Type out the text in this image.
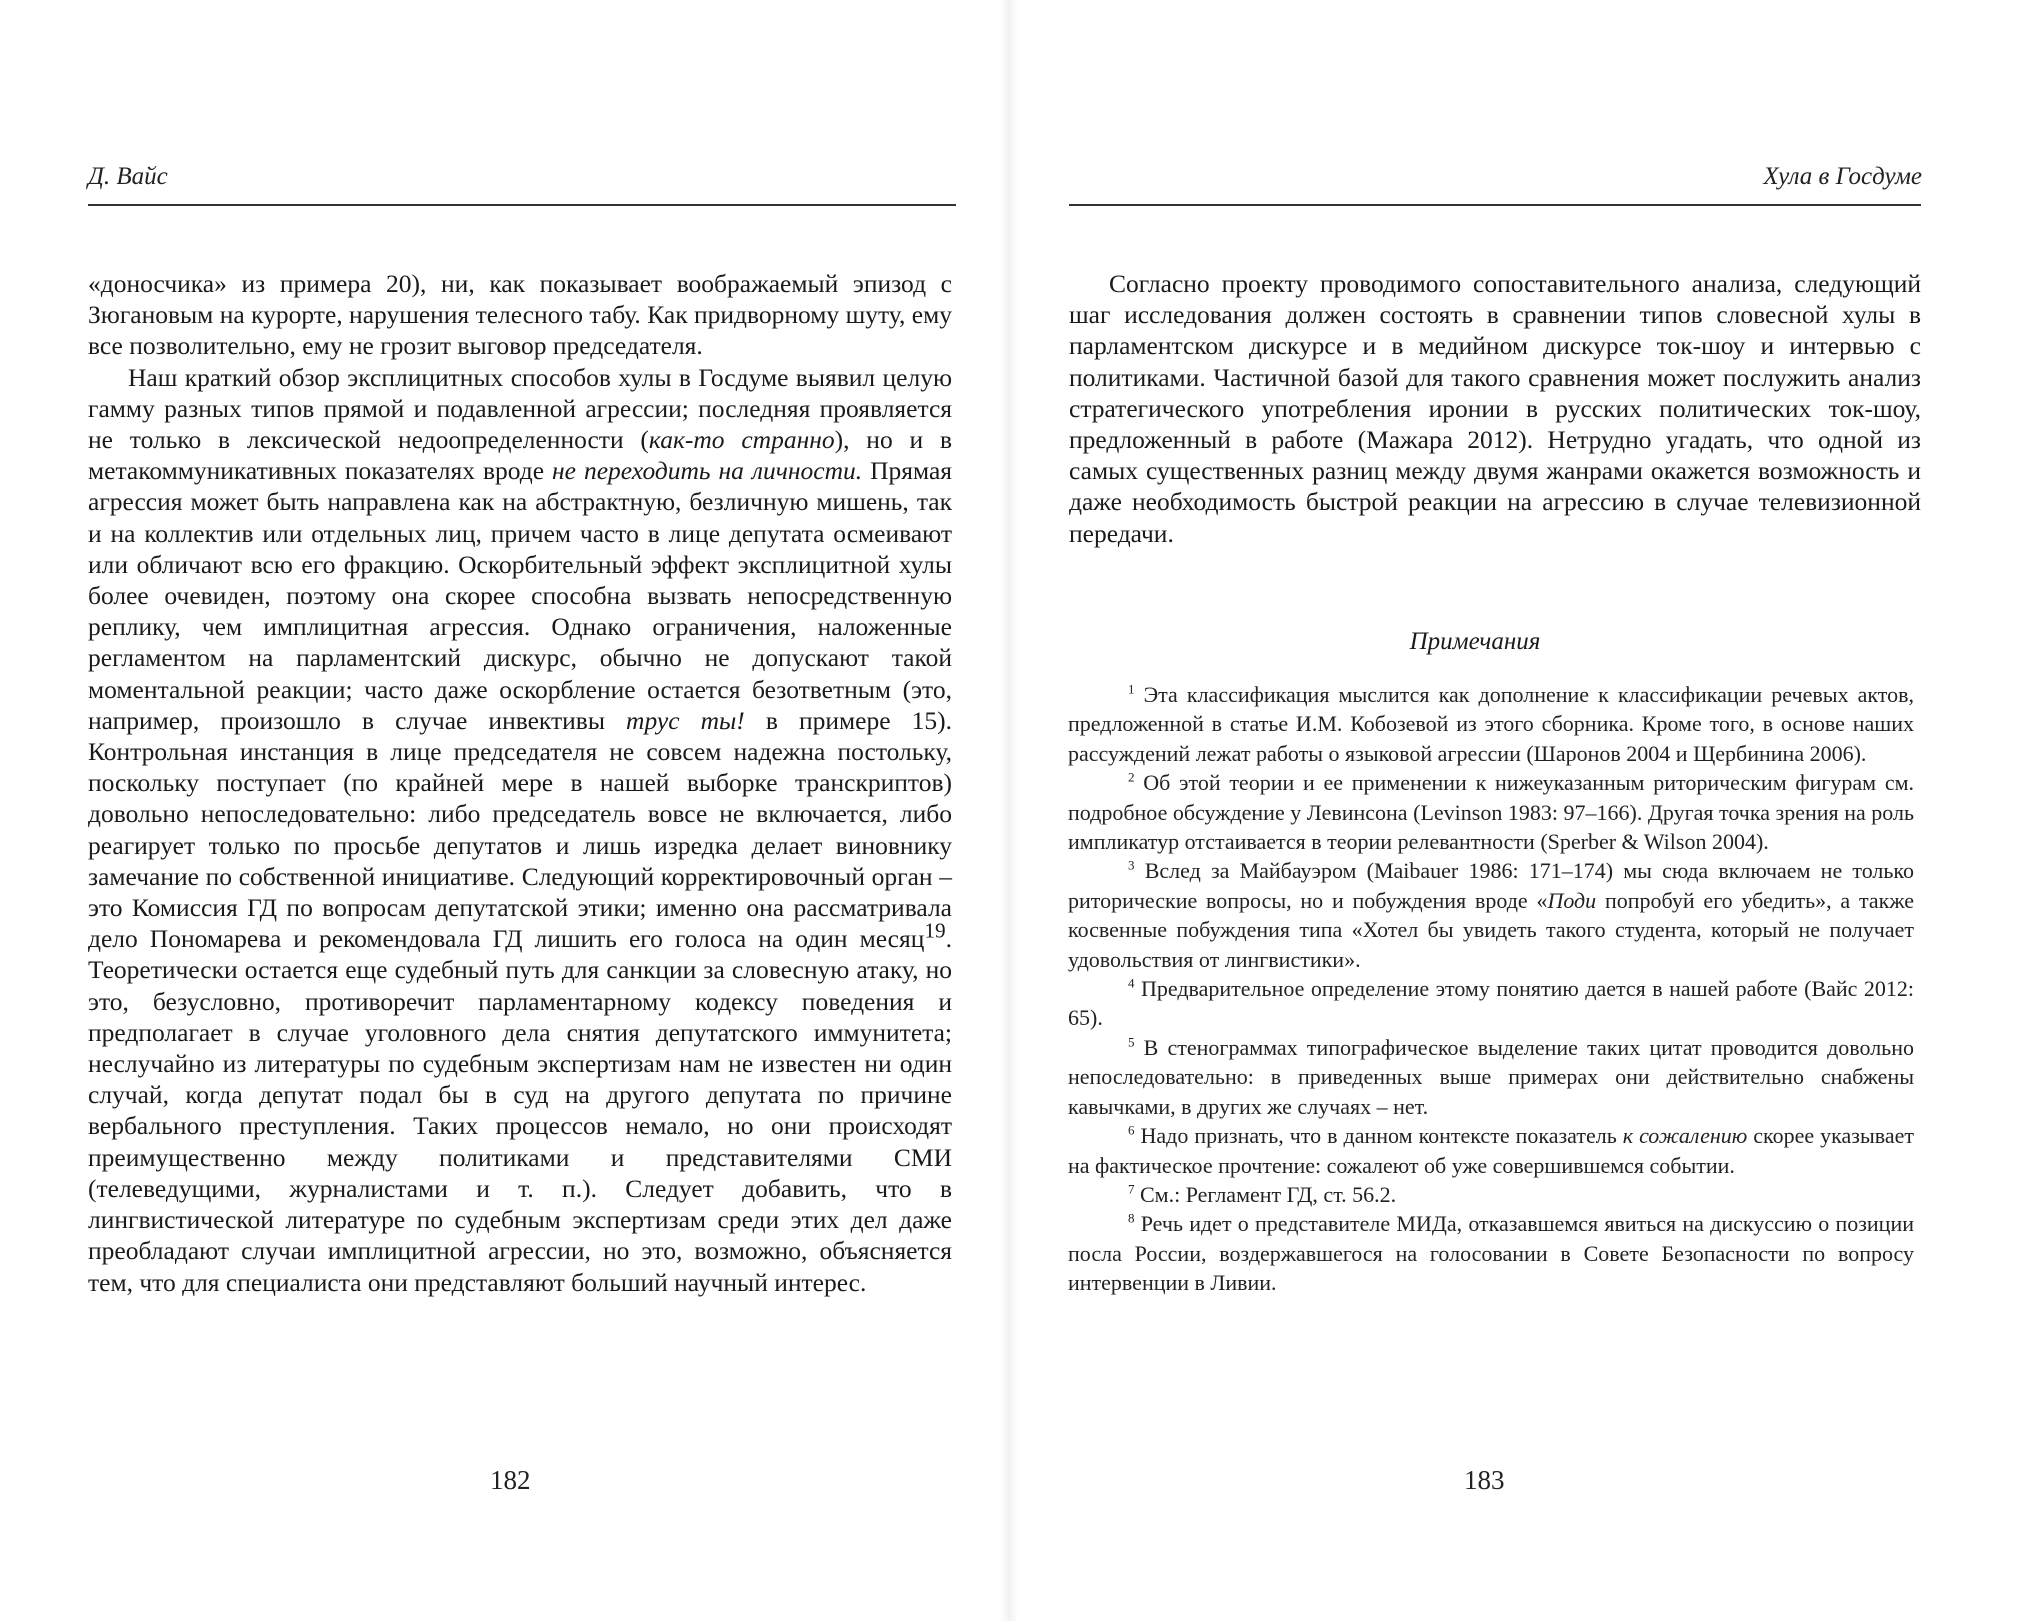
Д. Вайс

«доносчика» из примера 20), ни, как показывает воображаемый эпизод с Зюгановым на курорте, нарушения телесного табу. Как придворному шуту, ему все позволительно, ему не грозит выговор председателя.

Наш краткий обзор эксплицитных способов хулы в Госдуме выявил целую гамму разных типов прямой и подавленной агрессии; последняя проявляется не только в лексической недоопределенности (как-то странно), но и в метакоммуникативных показателях вроде не переходить на личности. Прямая агрессия может быть направлена как на абстрактную, безличную мишень, так и на коллектив или отдельных лиц, причем часто в лице депутата осмеивают или обличают всю его фракцию. Оскорбительный эффект эксплицитной хулы более очевиден, поэтому она скорее способна вызвать непосредственную реплику, чем имплицитная агрессия. Однако ограничения, наложенные регламентом на парламентский дискурс, обычно не допускают такой моментальной реакции; часто даже оскорбление остается безответным (это, например, произошло в случае инвективы трус ты! в примере 15). Контрольная инстанция в лице председателя не совсем надежна постольку, поскольку поступает (по крайней мере в нашей выборке транскриптов) довольно непоследовательно: либо председатель вовсе не включается, либо реагирует только по просьбе депутатов и лишь изредка делает виновнику замечание по собственной инициативе. Следующий корректировочный орган – это Комиссия ГД по вопросам депутатской этики; именно она рассматривала дело Пономарева и рекомендовала ГД лишить его голоса на один месяц$^{19}$. Теоретически остается еще судебный путь для санкции за словесную атаку, но это, безусловно, противоречит парламентарному кодексу поведения и предполагает в случае уголовного дела снятия депутатского иммунитета; неслучайно из литературы по судебным экспертизам нам не известен ни один случай, когда депутат подал бы в суд на другого депутата по причине вербального преступления. Таких процессов немало, но они происходят преимущественно между политиками и представителями СМИ (телеведущими, журналистами и т. п.). Следует добавить, что в лингвистической литературе по судебным экспертизам среди этих дел даже преобладают случаи имплицитной агрессии, но это, возможно, объясняется тем, что для специалиста они представляют больший научный интерес.

182
Хула в Госдуме

Согласно проекту проводимого сопоставительного анализа, следующий шаг исследования должен состоять в сравнении типов словесной хулы в парламентском дискурсе и в медийном дискурсе ток-шоу и интервью с политиками. Частичной базой для такого сравнения может послужить анализ стратегического употребления иронии в русских политических ток-шоу, предложенный в работе (Мажара 2012). Нетрудно угадать, что одной из самых существенных разниц между двумя жанрами окажется возможность и даже необходимость быстрой реакции на агрессию в случае телевизионной передачи.

Примечания
183

$^1$ Эта классификация мыслится как дополнение к классификации речевых актов, предложенной в статье И.М. Кобозевой из этого сборника. Кроме того, в основе наших рассуждений лежат работы о языковой агрессии (Шаронов 2004 и Щербинина 2006).

$^2$ Об этой теории и ее применении к нижеуказанным риторическим фигурам см. подробное обсуждение у Левинсона (Levinson 1983: 97–166). Другая точка зрения на роль импликатур отстаивается в теории релевантности (Sperber & Wilson 2004).

$^3$ Вслед за Майбауэром (Maibauer 1986: 171–174) мы сюда включаем не только риторические вопросы, но и побуждения вроде «Поди попробуй его убедить», а также косвенные побуждения типа «Хотел бы увидеть такого студента, который не получает удовольствия от лингвистики».

$^4$ Предварительное определение этому понятию дается в нашей работе (Вайс 2012: 65).

$^5$ В стенограммах типографическое выделение таких цитат проводится довольно непоследовательно: в приведенных выше примерах они действительно снабжены кавычками, в других же случаях – нет.

$^6$ Надо признать, что в данном контексте показатель к сожалению скорее указывает на фактическое прочтение: сожалеют об уже совершившемся событии.

$^7$ См.: Регламент ГД, ст. 56.2.

$^8$ Речь идет о представителе МИДа, отказавшемся явиться на дискуссию о позиции посла России, воздержавшегося на голосовании в Совете Безопасности по вопросу интервенции в Ливии.
